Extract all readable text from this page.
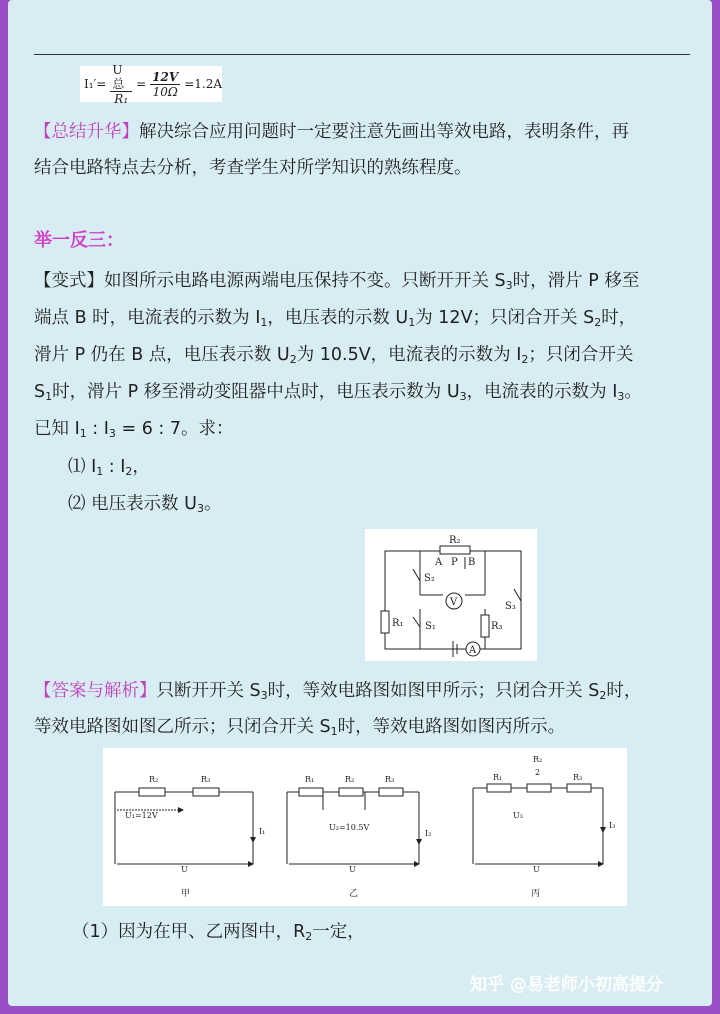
$I_1'= \frac{\text{U总}}{\text{R₁}} = \frac{12V}{10\Omega} =1.2A$
【总结升华】解决综合应用问题时一定要注意先画出等效电路，表明条件，再
结合电路特点去分析，考查学生对所学知识的熟练程度。
举一反三：
【变式】如图所示电路电源两端电压保持不变。只断开开关 $S_3$时，滑片 P 移至
端点 B 时，电流表的示数为 $I_1$，电压表的示数 $U_1$为 12V；只闭合开关 $S_2$时，
滑片 P 仍在 B 点，电压表示数 $U_2$为 10.5V，电流表的示数为 $I_2$；只闭合开关
$S_1$时，滑片 P 移至滑动变阻器中点时，电压表示数为 $U_3$，电流表的示数为 $I_3$。
已知 $I_1$ : $I_3 = 6$ : 7。求：
⑴ $I_1$ : $I_2$，
⑵ 电压表示数 $U_3$。
R₂
A P B
S₂
V	S₃
R₁ S₁	R₃
A
【答案与解析】只断开开关 $S_3$时，等效电路图如图甲所示；只闭合开关 $S_2$时，
等效电路图如图乙所示；只闭合开关 $S_1$时，等效电路图如图丙所示。
R₂	R₃
U₁=12V
I₁
U
甲
R₁	R₂	R₃
U₂=10.5V
I₂
U
乙
R₂
2
R₁	R₃
U₃
I₃
U
丙
（1）因为在甲、乙两图中，$R_2$一定，
知乎 @易老师小初高提分
